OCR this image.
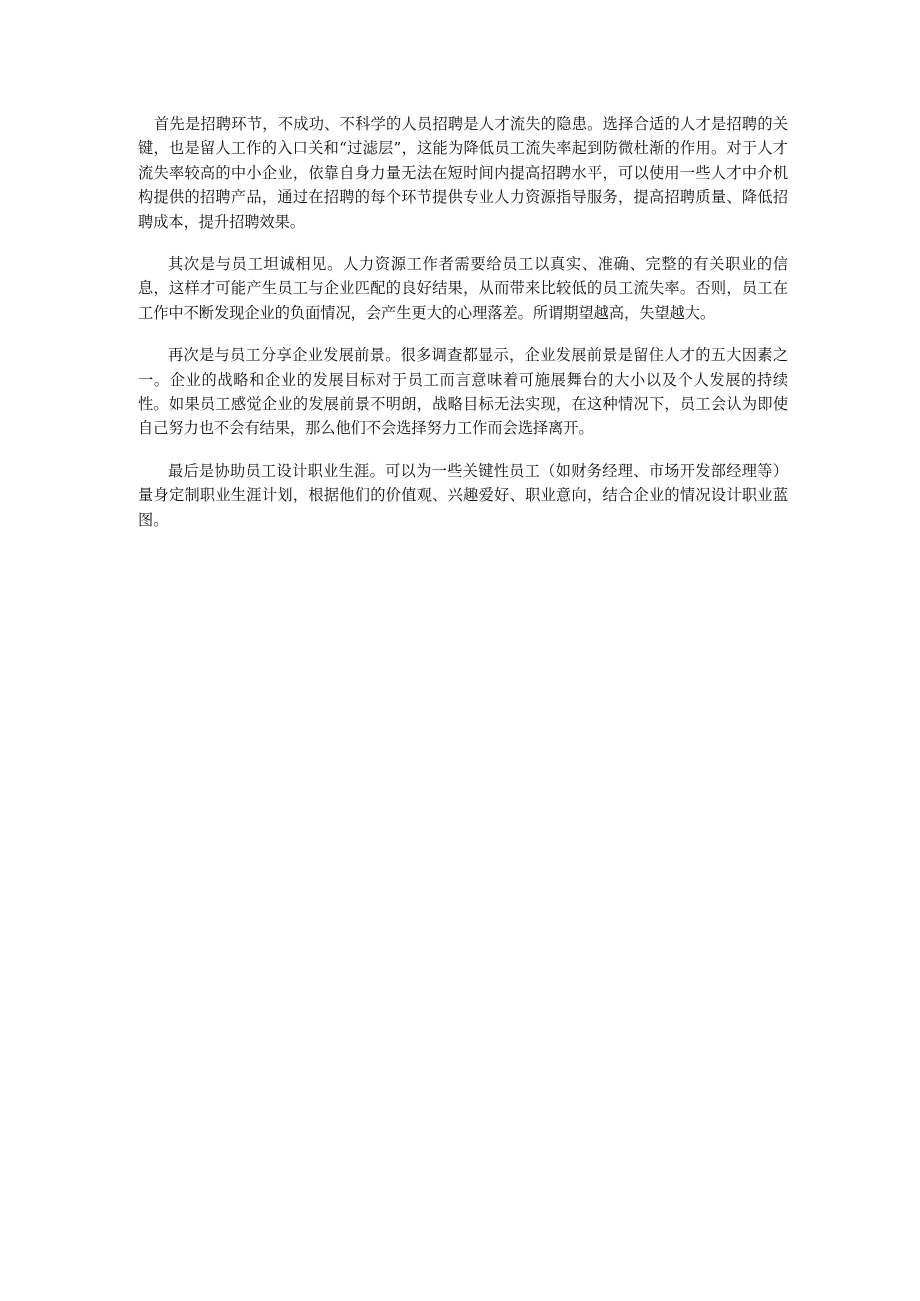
首先是招聘环节，不成功、不科学的人员招聘是人才流失的隐患。选择合适的人才是招聘的关键，也是留人工作的入口关和“过滤层”，这能为降低员工流失率起到防微杜渐的作用。对于人才流失率较高的中小企业，依靠自身力量无法在短时间内提高招聘水平，可以使用一些人才中介机构提供的招聘产品，通过在招聘的每个环节提供专业人力资源指导服务，提高招聘质量、降低招聘成本，提升招聘效果。

其次是与员工坦诚相见。人力资源工作者需要给员工以真实、准确、完整的有关职业的信息，这样才可能产生员工与企业匹配的良好结果，从而带来比较低的员工流失率。否则，员工在工作中不断发现企业的负面情况，会产生更大的心理落差。所谓期望越高，失望越大。

再次是与员工分享企业发展前景。很多调查都显示，企业发展前景是留住人才的五大因素之一。企业的战略和企业的发展目标对于员工而言意味着可施展舞台的大小以及个人发展的持续性。如果员工感觉企业的发展前景不明朗，战略目标无法实现，在这种情况下，员工会认为即使自己努力也不会有结果，那么他们不会选择努力工作而会选择离开。

最后是协助员工设计职业生涯。可以为一些关键性员工（如财务经理、市场开发部经理等）量身定制职业生涯计划，根据他们的价值观、兴趣爱好、职业意向，结合企业的情况设计职业蓝图。
